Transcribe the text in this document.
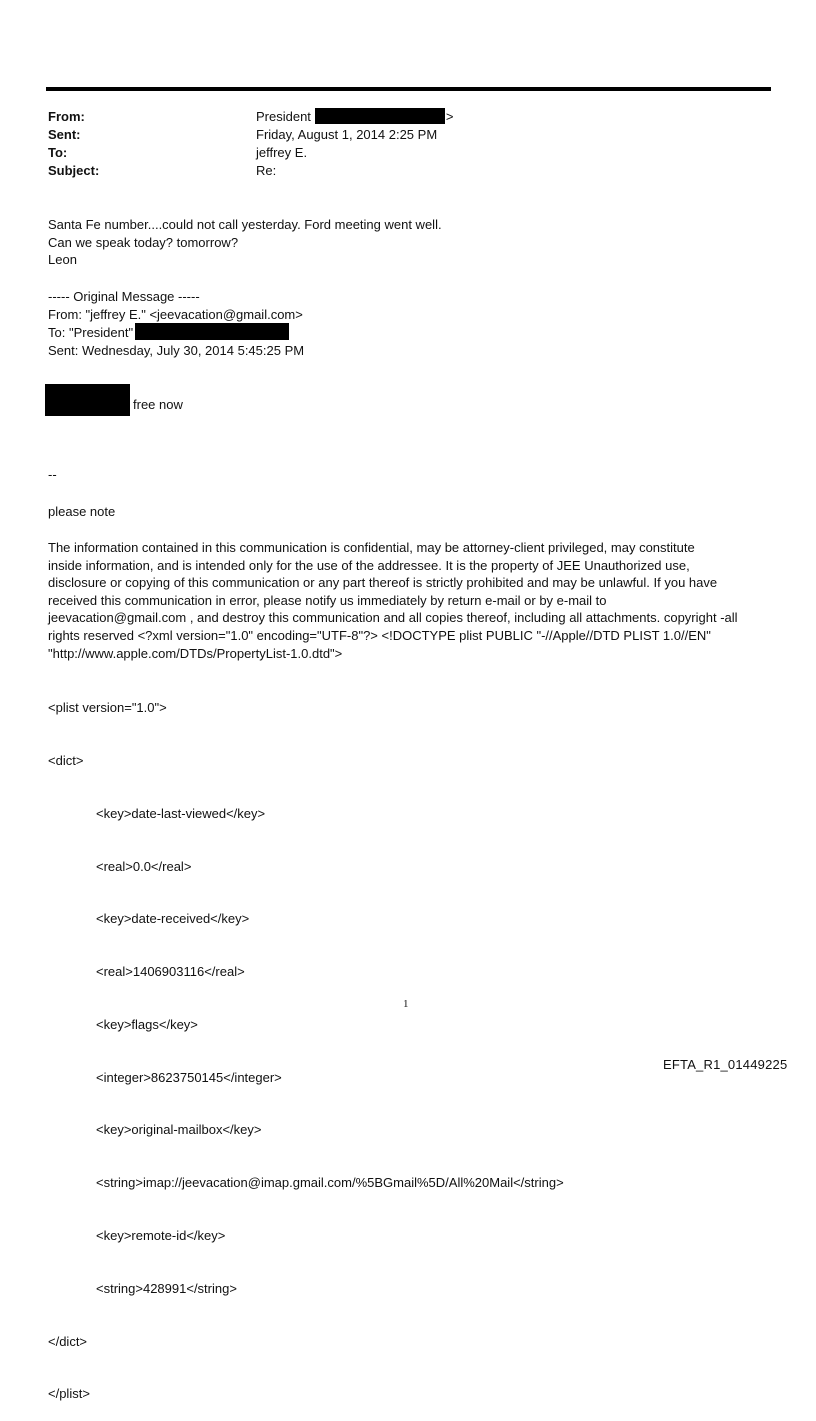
From:	President	>
Sent:	Friday, August 1, 2014 2:25 PM
To:	jeffrey E.
Subject:	Re:
Santa Fe number....could not call yesterday. Ford meeting went well.
Can we speak today? tomorrow?
Leon
----- Original Message -----
From: "jeffrey E." <jeevacation@gmail.com>
To: "President"
Sent: Wednesday, July 30, 2014 5:45:25 PM
free now
--
please note
The information contained in this communication is confidential, may be attorney-client privileged, may constitute
inside information, and is intended only for the use of the addressee. It is the property of JEE Unauthorized use,
disclosure or copying of this communication or any part thereof is strictly prohibited and may be unlawful. If you have
received this communication in error, please notify us immediately by return e-mail or by e-mail to
jeevacation@gmail.com , and destroy this communication and all copies thereof, including all attachments. copyright -all
rights reserved <?xml version="1.0" encoding="UTF-8"?> <!DOCTYPE plist PUBLIC "-//Apple//DTD PLIST 1.0//EN"
"http://www.apple.com/DTDs/PropertyList-1.0.dtd">

<plist version="1.0">

<dict>

<key>date-last-viewed</key>

<real>0.0</real>

<key>date-received</key>

<real>1406903116</real>

<key>flags</key>

<integer>8623750145</integer>

<key>original-mailbox</key>

<string>imap://jeevacation@imap.gmail.com/%5BGmail%5D/All%20Mail</string>

<key>remote-id</key>

<string>428991</string>

</dict>

</plist>

1
EFTA_R1_01449225
